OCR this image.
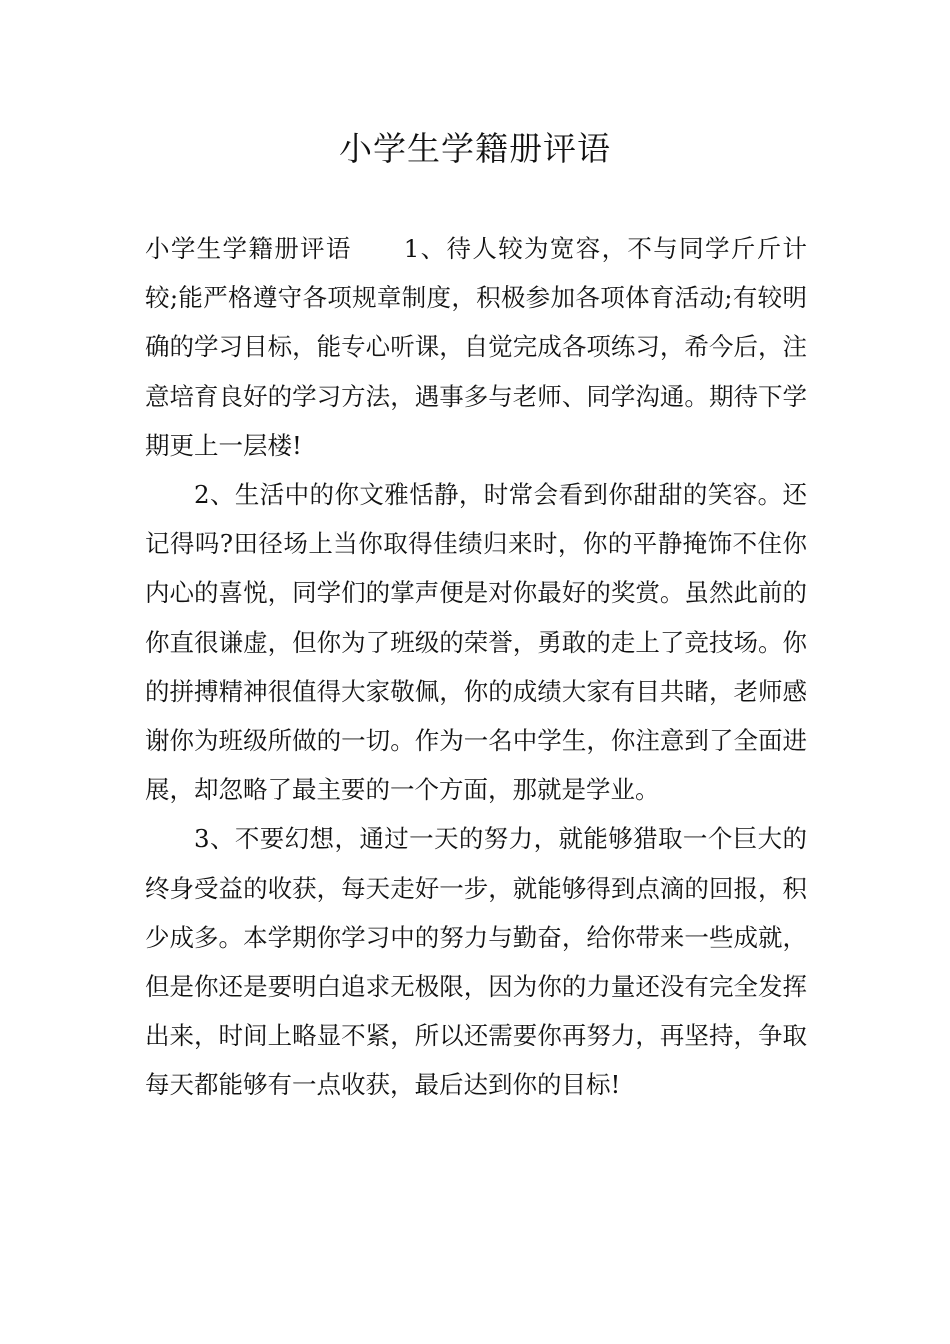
小学生学籍册评语

小学生学籍册评语 1、待人较为宽容，不与同学斤斤计较;能严格遵守各项规章制度，积极参加各项体育活动;有较明确的学习目标，能专心听课，自觉完成各项练习，希今后，注意培育良好的学习方法，遇事多与老师、同学沟通。期待下学期更上一层楼!

2、生活中的你文雅恬静，时常会看到你甜甜的笑容。还记得吗?田径场上当你取得佳绩归来时，你的平静掩饰不住你内心的喜悦，同学们的掌声便是对你最好的奖赏。虽然此前的你直很谦虚，但你为了班级的荣誉，勇敢的走上了竞技场。你的拼搏精神很值得大家敬佩，你的成绩大家有目共睹，老师感谢你为班级所做的一切。作为一名中学生，你注意到了全面进展，却忽略了最主要的一个方面，那就是学业。

3、不要幻想，通过一天的努力，就能够猎取一个巨大的终身受益的收获，每天走好一步，就能够得到点滴的回报，积少成多。本学期你学习中的努力与勤奋，给你带来一些成就，但是你还是要明白追求无极限，因为你的力量还没有完全发挥出来，时间上略显不紧，所以还需要你再努力，再坚持，争取每天都能够有一点收获，最后达到你的目标!
